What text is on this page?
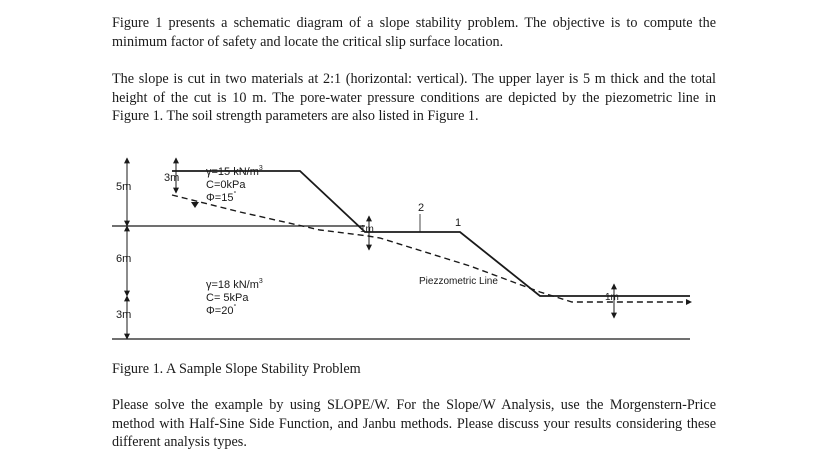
Figure 1 presents a schematic diagram of a slope stability problem. The objective is to compute the minimum factor of safety and locate the critical slip surface location.

The slope is cut in two materials at 2:1 (horizontal: vertical). The upper layer is 5 m thick and the total height of the cut is 10 m. The pore-water pressure conditions are depicted by the piezometric line in Figure 1. The soil strength parameters are also listed in Figure 1.

2
1
5m
6m
3m
3m
1m
1m
γ=15 $kN/m^3$
C=0kPa
Φ=15°
γ=18 $kN/m^3$
C= 5kPa
Φ=20°
Piezzometric Line

Figure 1. A Sample Slope Stability Problem

Please solve the example by using SLOPE/W. For the Slope/W Analysis, use the Morgenstern-Price method with Half-Sine Side Function, and Janbu methods. Please discuss your results considering these different analysis types.
